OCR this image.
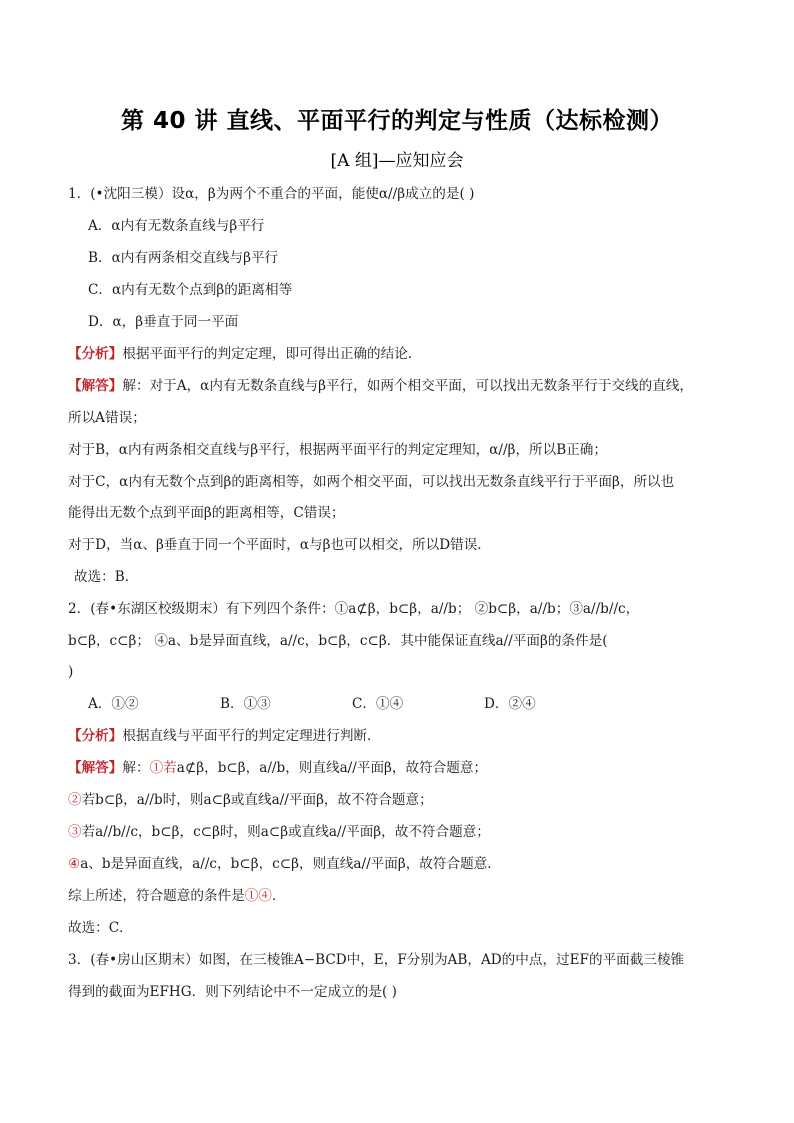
第 40 讲 直线、平面平行的判定与性质（达标检测）
[A 组]—应知应会
1．(•沈阳三模）设α，β为两个不重合的平面，能使α//β成立的是( )
A．α内有无数条直线与β平行
B．α内有两条相交直线与β平行
C．α内有无数个点到β的距离相等
D．α，β垂直于同一平面
【分析】根据平面平行的判定定理，即可得出正确的结论．
【解答】解：对于A，α内有无数条直线与β平行，如两个相交平面，可以找出无数条平行于交线的直线，
所以A错误；
对于B，α内有两条相交直线与β平行，根据两平面平行的判定定理知，α//β，所以B正确；
对于C，α内有无数个点到β的距离相等，如两个相交平面，可以找出无数条直线平行于平面β，所以也
能得出无数个点到平面β的距离相等，C错误；
对于D，当α、β垂直于同一个平面时，α与β也可以相交，所以D错误．
故选：B．
2．(春•东湖区校级期末）有下列四个条件：①a⊄β，b⊂β，a//b； ②b⊂β，a//b；③a//b//c，
b⊂β，c⊂β； ④a、b是异面直线，a//c，b⊂β，c⊂β．其中能保证直线a//平面β的条件是(
)
A．①②	B．①③	C．①④	D．②④
【分析】根据直线与平面平行的判定定理进行判断．
【解答】解：①若a⊄β，b⊂β，a//b，则直线a//平面β，故符合题意；
②若b⊂β，a//b时，则a⊂β或直线a//平面β，故不符合题意；
③若a//b//c，b⊂β，c⊂β时，则a⊂β或直线a//平面β，故不符合题意；
④a、b是异面直线，a//c，b⊂β，c⊂β，则直线a//平面β，故符合题意．
综上所述，符合题意的条件是①④．
故选：C．
3．(春•房山区期末）如图，在三棱锥A−BCD中，E，F分别为AB，AD的中点，过EF的平面截三棱锥
得到的截面为EFHG．则下列结论中不一定成立的是( )
